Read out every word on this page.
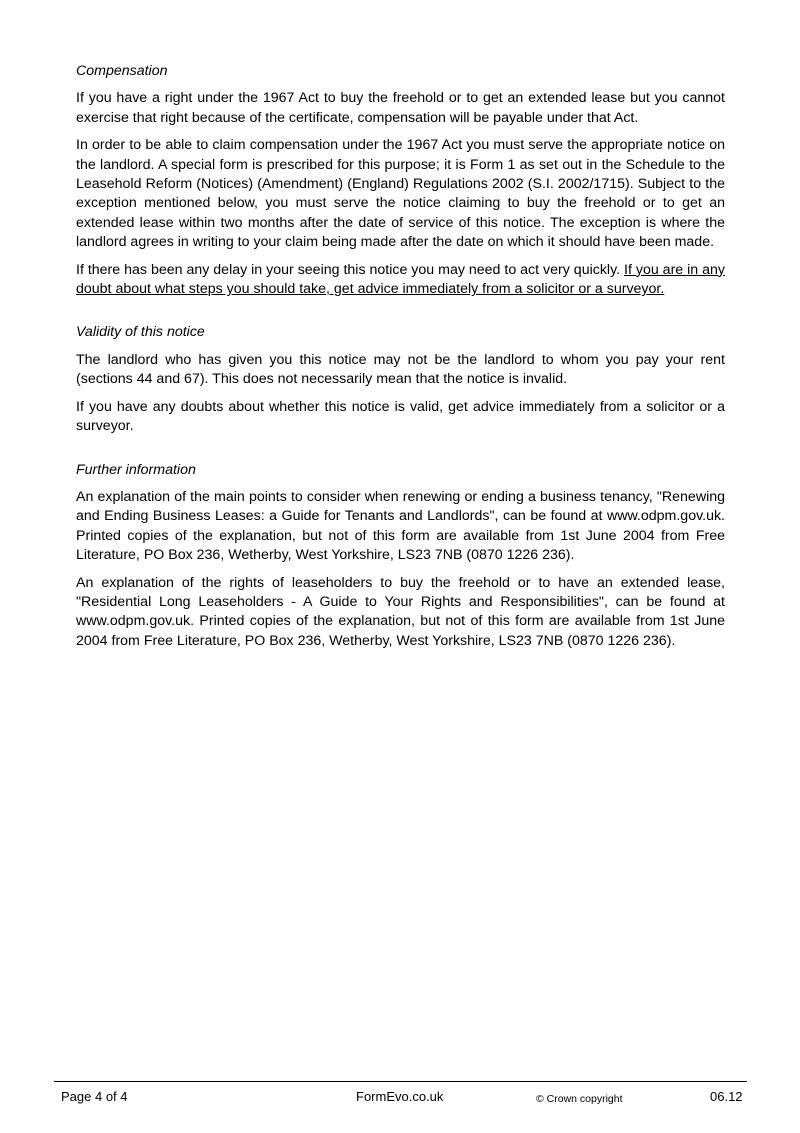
Compensation

If you have a right under the 1967 Act to buy the freehold or to get an extended lease but you cannot exercise that right because of the certificate, compensation will be payable under that Act.

In order to be able to claim compensation under the 1967 Act you must serve the appropriate notice on the landlord. A special form is prescribed for this purpose; it is Form 1 as set out in the Schedule to the Leasehold Reform (Notices) (Amendment) (England) Regulations 2002 (S.I. 2002/1715). Subject to the exception mentioned below, you must serve the notice claiming to buy the freehold or to get an extended lease within two months after the date of service of this notice. The exception is where the landlord agrees in writing to your claim being made after the date on which it should have been made.

If there has been any delay in your seeing this notice you may need to act very quickly. If you are in any doubt about what steps you should take, get advice immediately from a solicitor or a surveyor.

Validity of this notice

The landlord who has given you this notice may not be the landlord to whom you pay your rent (sections 44 and 67). This does not necessarily mean that the notice is invalid.

If you have any doubts about whether this notice is valid, get advice immediately from a solicitor or a surveyor.

Further information

An explanation of the main points to consider when renewing or ending a business tenancy, "Renewing and Ending Business Leases: a Guide for Tenants and Landlords", can be found at www.odpm.gov.uk. Printed copies of the explanation, but not of this form are available from 1st June 2004 from Free Literature, PO Box 236, Wetherby, West Yorkshire, LS23 7NB (0870 1226 236).

An explanation of the rights of leaseholders to buy the freehold or to have an extended lease, "Residential Long Leaseholders - A Guide to Your Rights and Responsibilities", can be found at www.odpm.gov.uk. Printed copies of the explanation, but not of this form are available from 1st June 2004 from Free Literature, PO Box 236, Wetherby, West Yorkshire, LS23 7NB (0870 1226 236).

Page 4 of 4	FormEvo.co.uk	© Crown copyright	06.12
